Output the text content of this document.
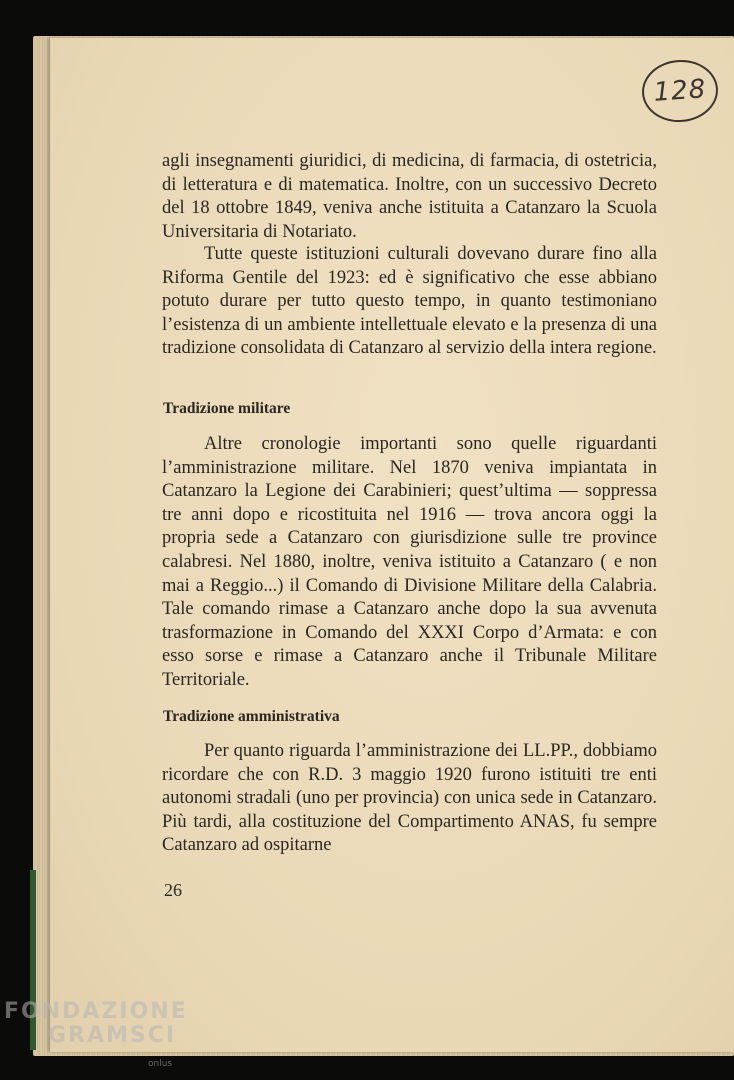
128

agli insegnamenti giuridici, di medicina, di farmacia, di ostetricia, di letteratura e di matematica. Inoltre, con un successivo Decreto del 18 ottobre 1849, veniva anche istituita a Catanzaro la Scuola Universitaria di Notariato.

Tutte queste istituzioni culturali dovevano durare fino alla Riforma Gentile del 1923: ed è significativo che esse abbiano potuto durare per tutto questo tempo, in quanto testimoniano l’esistenza di un ambiente intellettuale elevato e la presenza di una tradizione consolidata di Catanzaro al servizio della intera regione.

Tradizione militare

Altre cronologie importanti sono quelle riguardanti l’amministrazione militare. Nel 1870 veniva impiantata in Catanzaro la Legione dei Carabinieri; quest’ultima — soppressa tre anni dopo e ricostituita nel 1916 — trova ancora oggi la propria sede a Catanzaro con giurisdizione sulle tre province calabresi. Nel 1880, inoltre, veniva istituito a Catanzaro ( e non mai a Reggio...) il Comando di Divisione Militare della Calabria. Tale comando rimase a Catanzaro anche dopo la sua avvenuta trasformazione in Comando del XXXI Corpo d’Armata: e con esso sorse e rimase a Catanzaro anche il Tribunale Militare Territoriale.

Tradizione amministrativa

Per quanto riguarda l’amministrazione dei LL.PP., dobbiamo ricordare che con R.D. 3 maggio 1920 furono istituiti tre enti autonomi stradali (uno per provincia) con unica sede in Catanzaro. Più tardi, alla costituzione del Compartimento ANAS, fu sempre Catanzaro ad ospitarne

26
FONDAZIONE
GRAMSCI
onlus
